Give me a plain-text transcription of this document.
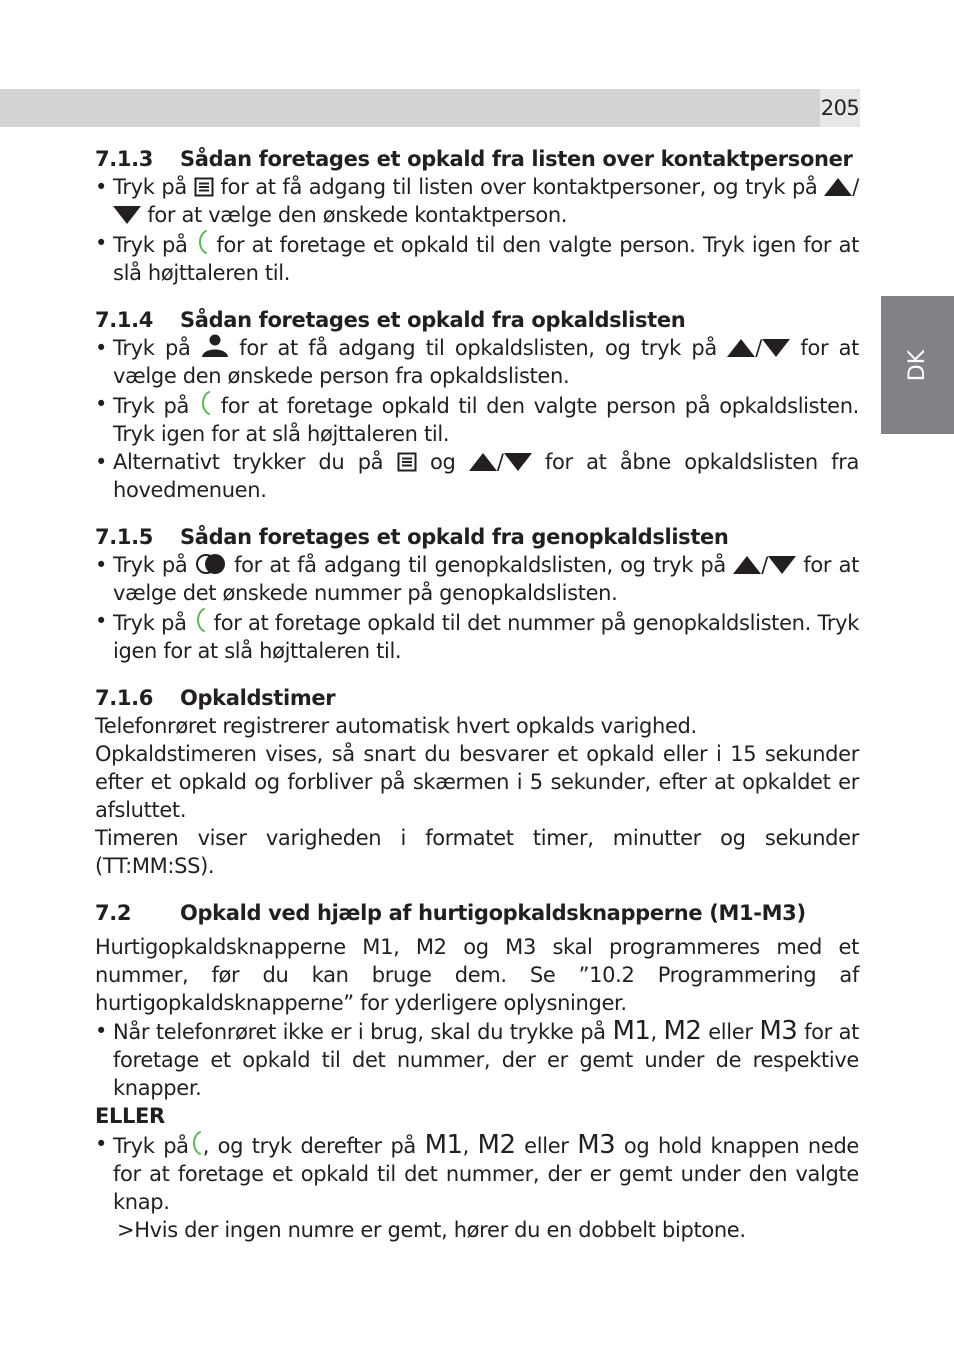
205
DK

7.1.3	Sådan foretages et opkald fra listen over kontaktpersoner

• Tryk på for at få adgang til listen over kontaktpersoner, og tryk på / for at vælge den ønskede kontaktperson.

• Tryk på for at foretage et opkald til den valgte person. Tryk igen for at slå højttaleren til.

7.1.4	Sådan foretages et opkald fra opkaldslisten

• Tryk på for at få adgang til opkaldslisten, og tryk på / for at vælge den ønskede person fra opkaldslisten.

• Tryk på for at foretage opkald til den valgte person på opkaldslisten. Tryk igen for at slå højttaleren til.

• Alternativt trykker du på og / for at åbne opkaldslisten fra hovedmenuen.

7.1.5	Sådan foretages et opkald fra genopkaldslisten

• Tryk på for at få adgang til genopkaldslisten, og tryk på / for at vælge det ønskede nummer på genopkaldslisten.

• Tryk på for at foretage opkald til det nummer på genopkaldslisten. Tryk igen for at slå højttaleren til.

7.1.6	Opkaldstimer

Telefonrøret registrerer automatisk hvert opkalds varighed.

Opkaldstimeren vises, så snart du besvarer et opkald eller i 15 sekunder efter et opkald og forbliver på skærmen i 5 sekunder, efter at opkaldet er afsluttet.

Timeren viser varigheden i formatet timer, minutter og sekunder (TT:MM:SS).

7.2	Opkald ved hjælp af hurtigopkaldsknapperne (M1-M3)

Hurtigopkaldsknapperne M1, M2 og M3 skal programmeres med et nummer, før du kan bruge dem. Se ”10.2 Programmering af hurtigopkaldsknapperne” for yderligere oplysninger.

• Når telefonrøret ikke er i brug, skal du trykke på M1, M2 eller M3 for at foretage et opkald til det nummer, der er gemt under de respektive knapper.

ELLER

• Tryk på , og tryk derefter på M1, M2 eller M3 og hold knappen nede for at foretage et opkald til det nummer, der er gemt under den valgte knap.

>Hvis der ingen numre er gemt, hører du en dobbelt biptone.
